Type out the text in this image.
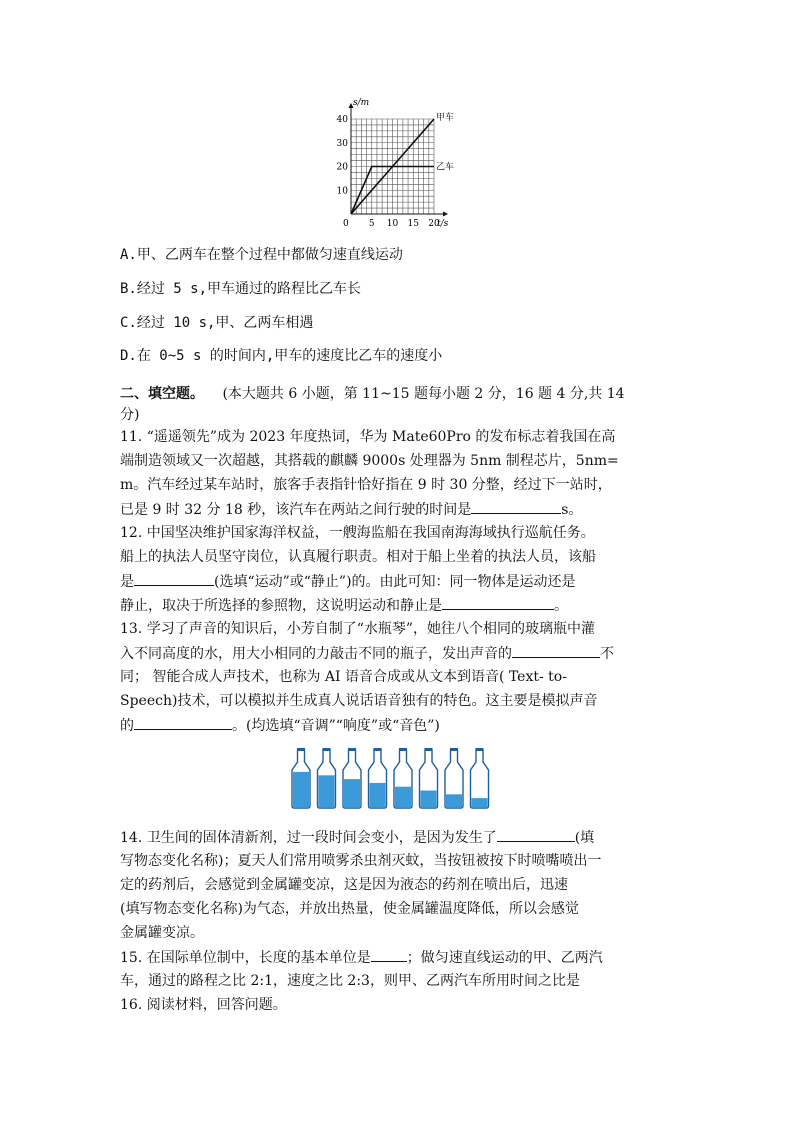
5 10 15 20
10
20
30
40
s/m
t/s
0
甲车
乙车
A.甲、乙两车在整个过程中都做匀速直线运动
B.经过 5 s,甲车通过的路程比乙车长
C.经过 10 s,甲、乙两车相遇
D.在 0~5 s 的时间内,甲车的速度比乙车的速度小
二、填空题。 (本大题共 6 小题，第 11~15 题每小题 2 分，16 题 4 分,共 14
分)
11. “遥遥领先”成为 2023 年度热词，华为 Mate60Pro 的发布标志着我国在高
端制造领域又一次超越，其搭载的麒麟 9000s 处理器为 5nm 制程芯片，5nm=
m。汽车经过某车站时，旅客手表指针恰好指在 9 时 30 分整，经过下一站时，
已是 9 时 32 分 18 秒，该汽车在两站之间行驶的时间是	s。
12. 中国坚决维护国家海洋权益，一艘海监船在我国南海海域执行巡航任务。
船上的执法人员坚守岗位，认真履行职责。相对于船上坐着的执法人员，该船
是	(选填“运动”或“静止”)的。由此可知：同一物体是运动还是
静止，取决于所选择的参照物，这说明运动和静止是	。
13. 学习了声音的知识后，小芳自制了“水瓶琴”，她往八个相同的玻璃瓶中灌
入不同高度的水，用大小相同的力敲击不同的瓶子，发出声音的	不
同； 智能合成人声技术，也称为 AI 语音合成或从文本到语音( Text- to-
Speech)技术，可以模拟并生成真人说话语音独有的特色。这主要是模拟声音
的	。(均选填“音调”“响度”或“音色”)
14. 卫生间的固体清新剂，过一段时间会变小，是因为发生了	(填
写物态变化名称)；夏天人们常用喷雾杀虫剂灭蚊，当按钮被按下时喷嘴喷出一
定的药剂后，会感觉到金属罐变凉，这是因为液态的药剂在喷出后，迅速
(填写物态变化名称)为气态，并放出热量，使金属罐温度降低，所以会感觉
金属罐变凉。
15. 在国际单位制中，长度的基本单位是	；做匀速直线运动的甲、乙两汽
车，通过的路程之比 2:1，速度之比 2:3，则甲、乙两汽车所用时间之比是
16. 阅读材料，回答问题。
